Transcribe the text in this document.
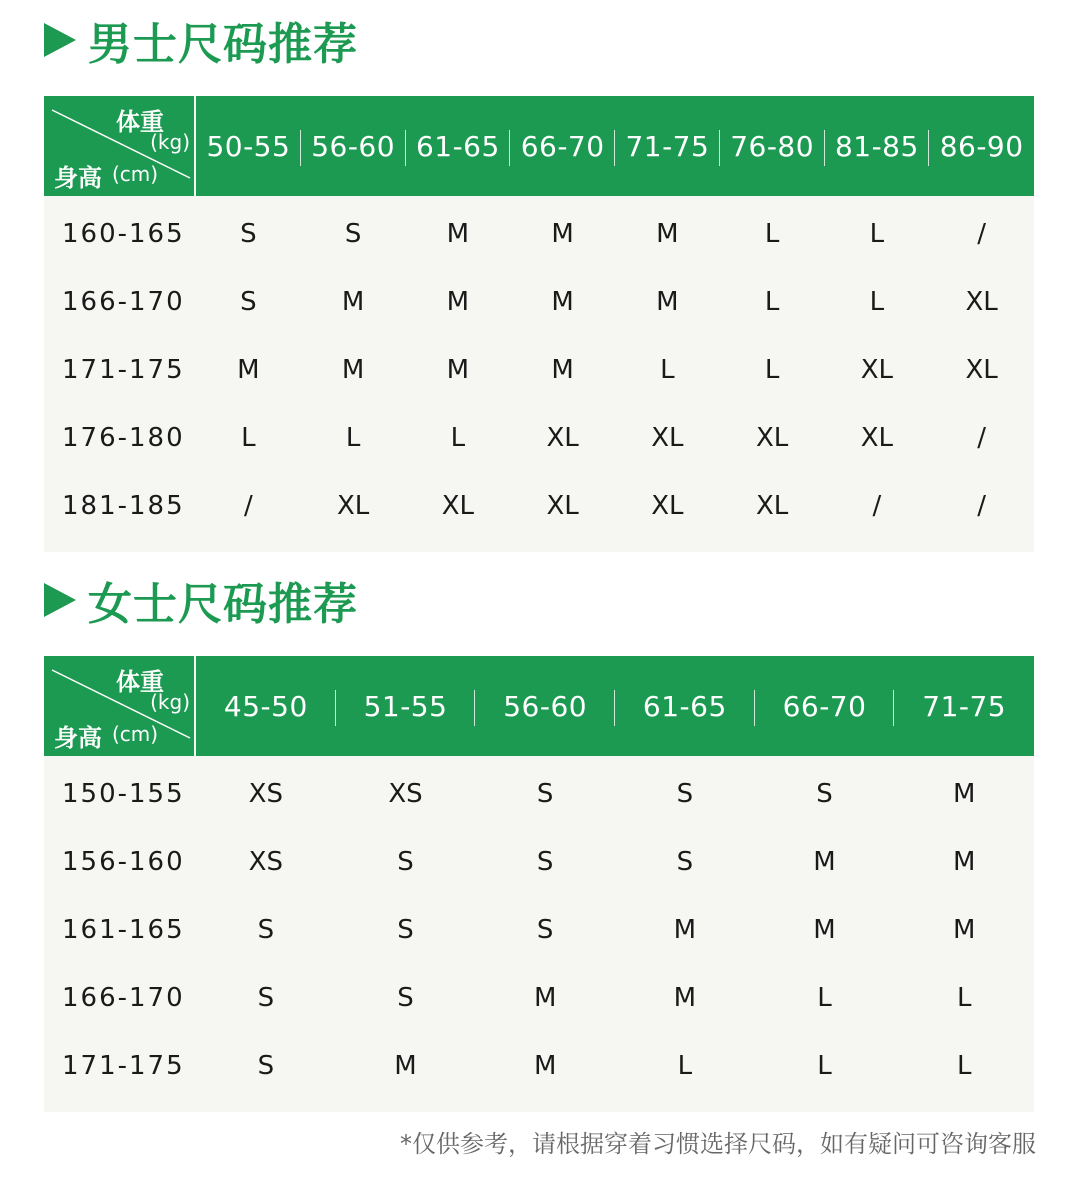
男士尺码推荐
体重
(kg)
身高 (cm)
50-55 56-60 61-65 66-70 71-75 76-80 81-85 86-90
160-165	S	S	M	M	M	L	L	/
166-170	S	M	M	M	M	L	L	XL
171-175	M	M	M	M	L	L	XL	XL
176-180	L	L	L	XL	XL	XL	XL	/
181-185	/	XL	XL	XL	XL	XL	/	/
女士尺码推荐
体重
(kg)
身高 (cm)
45-50	51-55	56-60	61-65	66-70	71-75
150-155	XS	XS	S	S	S	M
156-160	XS	S	S	S	M	M
161-165	S	S	S	M	M	M
166-170	S	S	M	M	L	L
171-175	S	M	M	L	L	L
*仅供参考，请根据穿着习惯选择尺码，如有疑问可咨询客服
